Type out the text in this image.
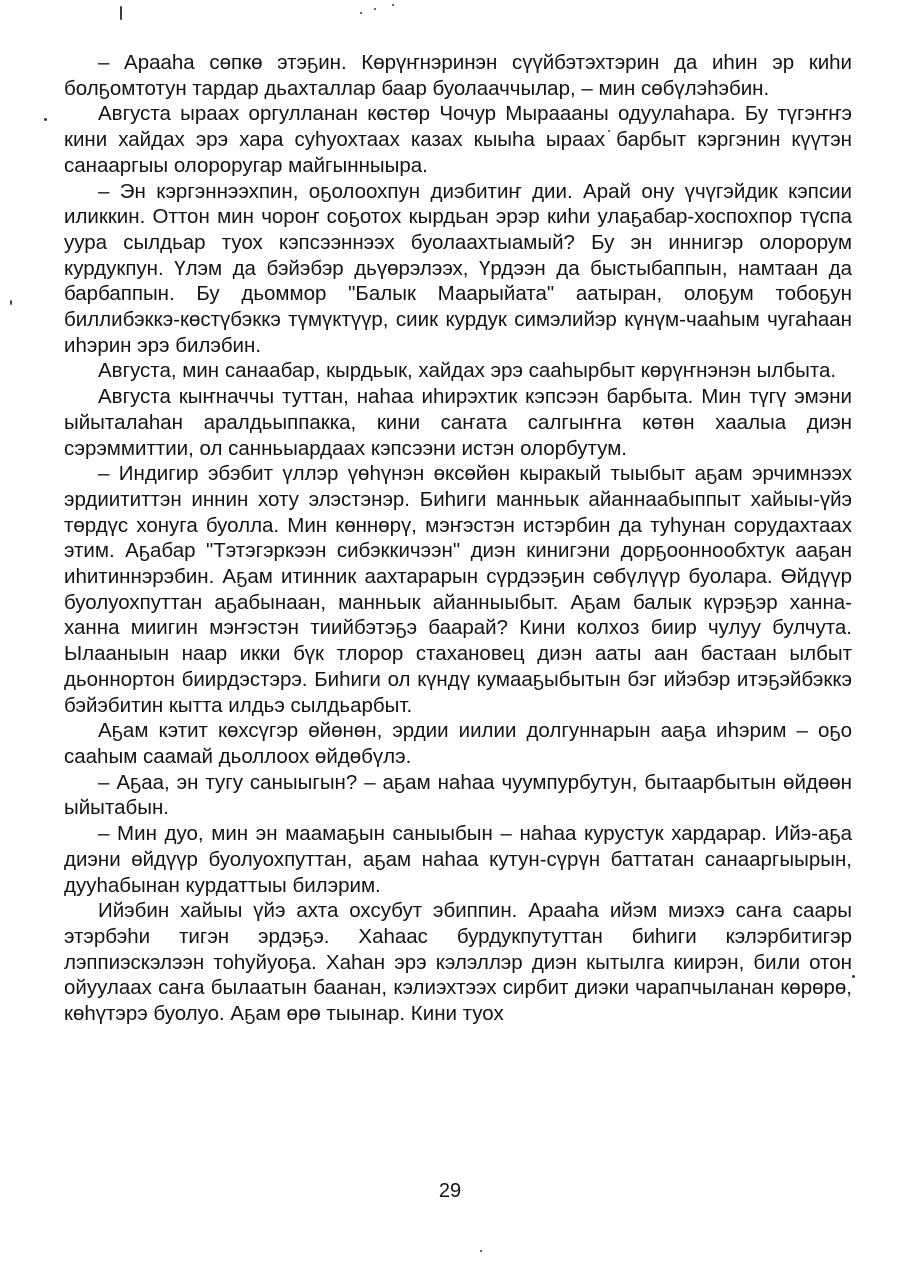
– Арааhа сөпкө этэҕин. Көрүҥнэринэн сүүйбэтэхтэрин да иhин эр киhи болҕомтотун тардар дьахталлар баар буолааччылар, – мин сөбүлэhэбин.

Августа ыраах оргулланан көстөр Чочур Мыраааны одуулаhара. Бу түгэҥҥэ кини хайдах эрэ хара суhуохтаах казах кыыhа ыраах барбыт кэргэнин күүтэн санааргыы олороругар майгынныыра.

– Эн кэргэннээхпин, оҕолоохпун диэбитиҥ дии. Арай ону үчүгэйдик кэпсии иликкин. Оттон мин чороҥ соҕотох кырдьан эрэр киhи улаҕабар-хоспохпор түспа уура сылдьар туох кэпсээннээх буолаахтыамый? Бу эн иннигэр олорорум курдукпун. Үлэм да бэйэбэр дьүөрэлээх, Үрдээн да быстыбаппын, намтаан да барбаппын. Бу дьоммор "Балык Маарыйата" аатыран, олоҕум тобоҕун биллибэккэ-көстүбэккэ түмүктүүр, сиик курдук симэлийэр күнүм-чааhым чугаhаан иhэрин эрэ билэбин.

Августа, мин санаабар, кырдьык, хайдах эрэ сааhырбыт көрүҥнэнэн ылбыта.

Августа кыҥначчы туттан, наhаа иhирэхтик кэпсээн барбыта. Мин түгү эмэни ыйыталаhан аралдьыппакка, кини саҥата салгыҥҥа көтөн хаалыа диэн сэрэммиттии, ол санньыардаах кэпсээни истэн олорбутум.

– Индигир эбэбит үллэр үөhүнэн өксөйөн кыракый тыыбыт аҕам эрчимнээх эрдиититтэн иннин хоту элэстэнэр. Биhиги манньык айаннаабыппыт хайыы-үйэ төрдүс хонуга буолла. Мин көннөрү, мэҥэстэн истэрбин да туhунан сорудахтаах этим. Аҕабар "Тэтэгэркээн сибэккичээн" диэн кинигэни дорҕооннообхтук ааҕан иhитиннэрэбин. Аҕам итинник аахтарарын сүрдээҕин сөбүлүүр буолара. Өйдүүр буолуохпуттан аҕабынаан, манньык айанныыбыт. Аҕам балык күрэҕэр ханна-ханна миигин мэҥэстэн тиийбэтэҕэ баарай? Кини колхоз биир чулуу булчута. Ылааныын наар икки бүк тлорор стахановец диэн ааты аан бастаан ылбыт дьоннортон биирдэстэрэ. Биhиги ол күндү кумааҕыбытын бэг ийэбэр итэҕэйбэккэ бэйэбитин кытта илдьэ сылдьарбыт.

Аҕам кэтит көхсүгэр өйөнөн, эрдии иилии долгуннарын ааҕа иhэрим – оҕо сааhым саамай дьоллоох өйдөбүлэ.

– Аҕаа, эн тугу саныыгын? – аҕам наhаа чуумпурбутун, бытаарбытын өйдөөн ыйытабын.

– Мин дуо, мин эн маамаҕын саныыбын – наhаа курустук хардарар. Ийэ-аҕа диэни өйдүүр буолуохпуттан, аҕам наhаа кутун-сүрүн баттатан санааргыырын, дууhабынан курдаттыы билэрим.

Ийэбин хайыы үйэ ахта охсубут эбиппин. Арааhа ийэм миэхэ саҥа саары этэрбэhи тигэн эрдэҕэ. Хаhаас бурдукпутуттан биhиги кэлэрбитигэр лэппиэскэлээн тоhуйуоҕа. Хаhан эрэ кэлэллэр диэн кытылга киирэн, били отон ойуулаах саҥа былаатын баанан, кэлиэхтээх сирбит диэки чарапчыланан көрөрө, көhүтэрэ буолуо. Аҕам өрө тыынар. Кини туох

29
